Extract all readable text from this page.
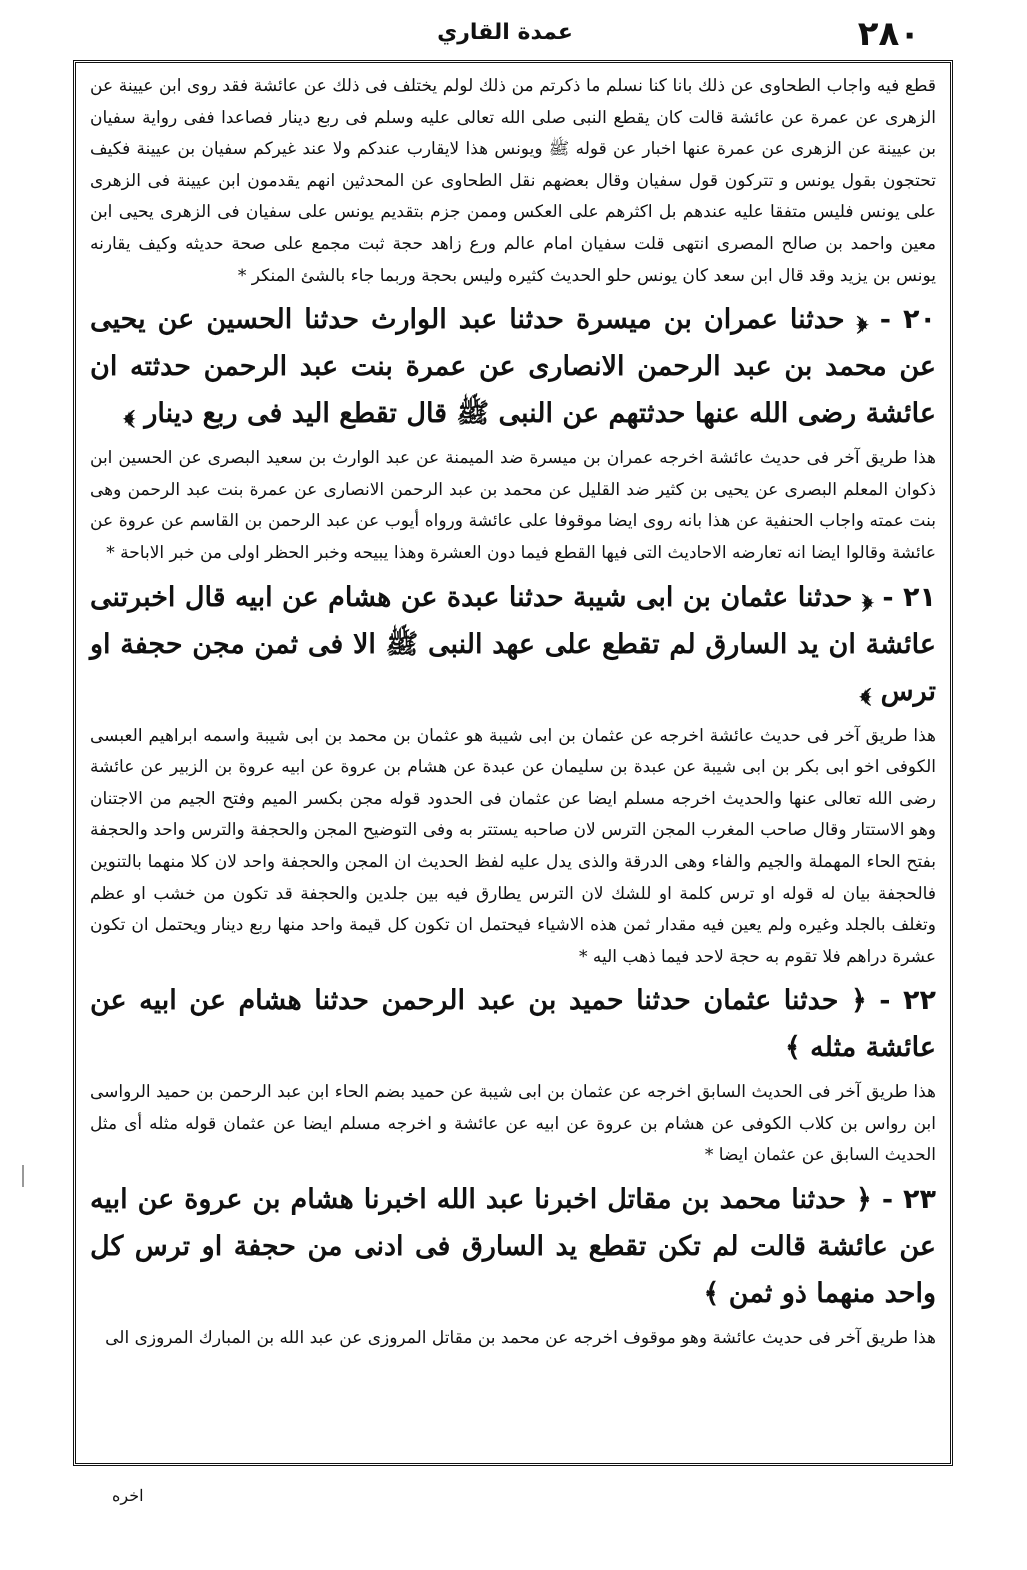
٢٨٠
عمدة القاري

قطع فيه واجاب الطحاوى عن ذلك بانا كنا نسلم ما ذكرتم من ذلك لولم يختلف فى ذلك عن عائشة فقد روى ابن عيينة عن الزهرى عن عمرة عن عائشة قالت كان يقطع النبى صلى الله تعالى عليه وسلم فى ربع دينار فصاعدا ففى رواية سفيان بن عيينة عن الزهرى عن عمرة عنها اخبار عن قوله ﷺ ويونس هذا لايقارب عندكم ولا عند غيركم سفيان بن عيينة فكيف تحتجون بقول يونس و تتركون قول سفيان وقال بعضهم نقل الطحاوى عن المحدثين انهم يقدمون ابن عيينة فى الزهرى على يونس فليس متفقا عليه عندهم بل اكثرهم على العكس وممن جزم بتقديم يونس على سفيان فى الزهرى يحيى ابن معين واحمد بن صالح المصرى انتهى قلت سفيان امام عالم ورع زاهد حجة ثبت مجمع على صحة حديثه وكيف يقارنه يونس بن يزيد وقد قال ابن سعد كان يونس حلو الحديث كثيره وليس بحجة وربما جاء بالشئ المنكر *

٢٠ - ﴿ حدثنا عمران بن ميسرة حدثنا عبد الوارث حدثنا الحسين عن يحيى عن محمد بن عبد الرحمن الانصارى عن عمرة بنت عبد الرحمن حدثته ان عائشة رضى الله عنها حدثتهم عن النبى ﷺ قال تقطع اليد فى ربع دينار ﴾

هذا طريق آخر فى حديث عائشة اخرجه عمران بن ميسرة ضد الميمنة عن عبد الوارث بن سعيد البصرى عن الحسين ابن ذكوان المعلم البصرى عن يحيى بن كثير ضد القليل عن محمد بن عبد الرحمن الانصارى عن عمرة بنت عبد الرحمن وهى بنت عمته واجاب الحنفية عن هذا بانه روى ايضا موقوفا على عائشة ورواه أيوب عن عبد الرحمن بن القاسم عن عروة عن عائشة وقالوا ايضا انه تعارضه الاحاديث التى فيها القطع فيما دون العشرة وهذا يبيحه وخبر الحظر اولى من خبر الاباحة *

٢١ - ﴿ حدثنا عثمان بن ابى شيبة حدثنا عبدة عن هشام عن ابيه قال اخبرتنى عائشة ان يد السارق لم تقطع على عهد النبى ﷺ الا فى ثمن مجن حجفة او ترس ﴾

هذا طريق آخر فى حديث عائشة اخرجه عن عثمان بن ابى شيبة هو عثمان بن محمد بن ابى شيبة واسمه ابراهيم العبسى الكوفى اخو ابى بكر بن ابى شيبة عن عبدة بن سليمان عن عبدة عن هشام بن عروة عن ابيه عروة بن الزبير عن عائشة رضى الله تعالى عنها والحديث اخرجه مسلم ايضا عن عثمان فى الحدود قوله مجن بكسر الميم وفتح الجيم من الاجتنان وهو الاستتار وقال صاحب المغرب المجن الترس لان صاحبه يستتر به وفى التوضيح المجن والحجفة والترس واحد والحجفة بفتح الحاء المهملة والجيم والفاء وهى الدرقة والذى يدل عليه لفظ الحديث ان المجن والحجفة واحد لان كلا منهما بالتنوين فالحجفة بيان له قوله او ترس كلمة او للشك لان الترس يطارق فيه بين جلدين والحجفة قد تكون من خشب او عظم وتغلف بالجلد وغيره ولم يعين فيه مقدار ثمن هذه الاشياء فيحتمل ان تكون كل قيمة واحد منها ربع دينار ويحتمل ان تكون عشرة دراهم فلا تقوم به حجة لاحد فيما ذهب اليه *

٢٢ - ﴿ حدثنا عثمان حدثنا حميد بن عبد الرحمن حدثنا هشام عن ابيه عن عائشة مثله ﴾

هذا طريق آخر فى الحديث السابق اخرجه عن عثمان بن ابى شيبة عن حميد بضم الحاء ابن عبد الرحمن بن حميد الرواسى ابن رواس بن كلاب الكوفى عن هشام بن عروة عن ابيه عن عائشة و اخرجه مسلم ايضا عن عثمان قوله مثله أى مثل الحديث السابق عن عثمان ايضا *

٢٣ - ﴿ حدثنا محمد بن مقاتل اخبرنا عبد الله اخبرنا هشام بن عروة عن ابيه عن عائشة قالت لم تكن تقطع يد السارق فى ادنى من حجفة او ترس كل واحد منهما ذو ثمن ﴾

هذا طريق آخر فى حديث عائشة وهو موقوف اخرجه عن محمد بن مقاتل المروزى عن عبد الله بن المبارك المروزى الى

اخره
